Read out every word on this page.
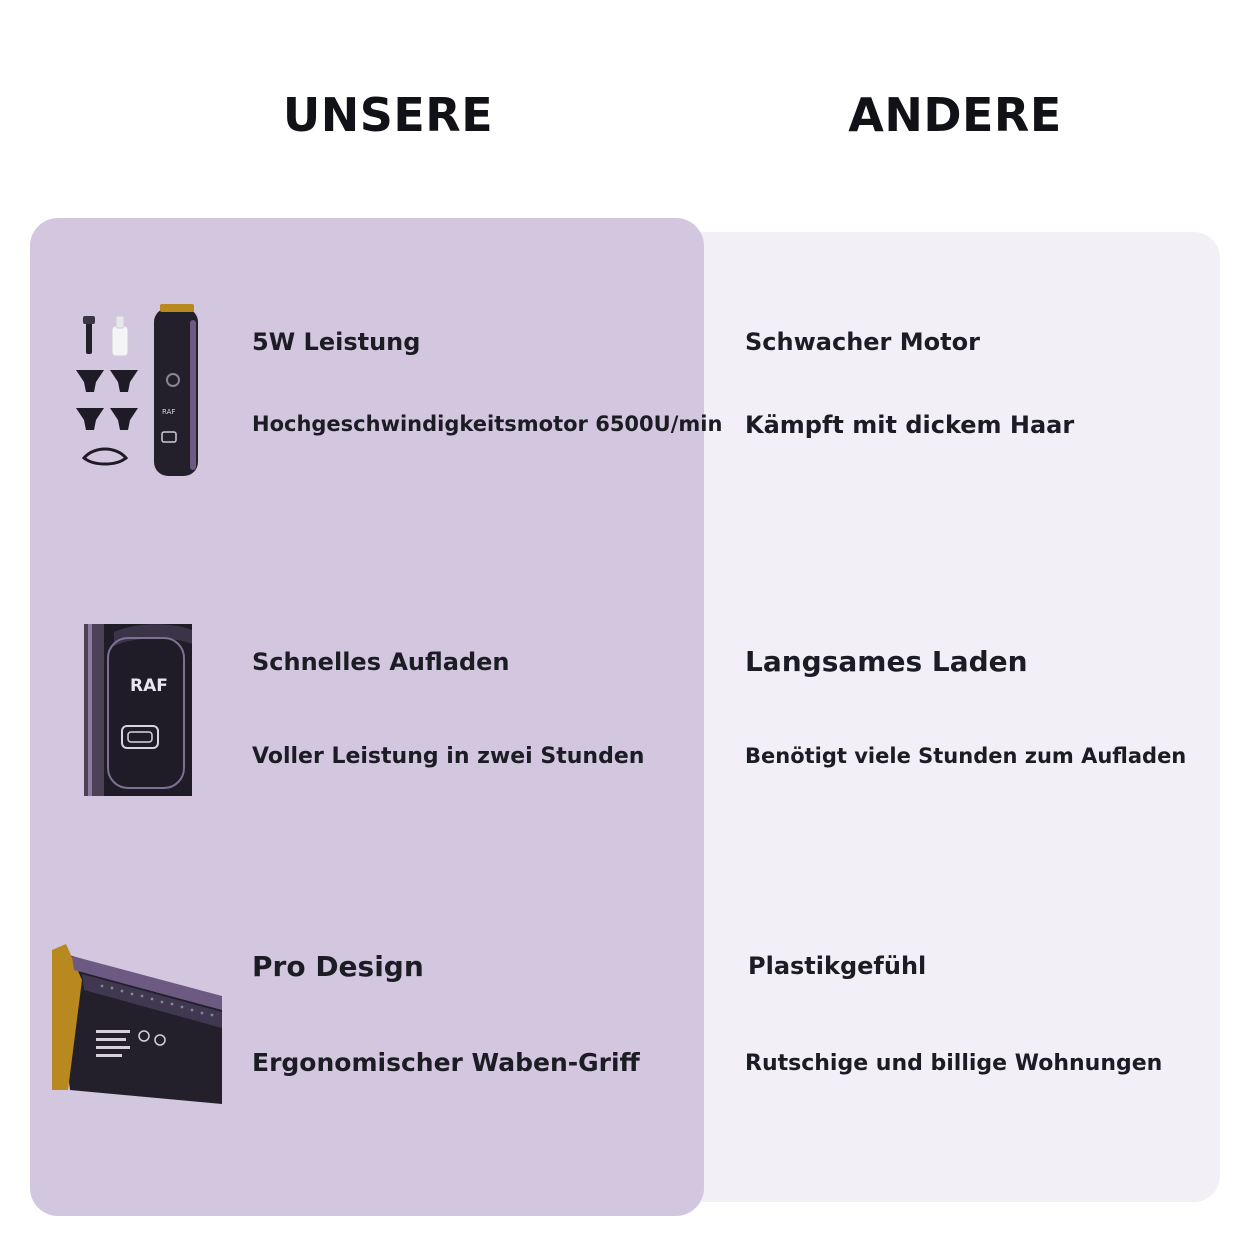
UNSERE	ANDERE
RAF
5W Leistung
Hochgeschwindigkeitsmotor 6500U/min
RAF
Schnelles Aufladen
Voller Leistung in zwei Stunden
Pro Design
Ergonomischer Waben-Griff
Schwacher Motor
Kämpft mit dickem Haar
Langsames Laden
Benötigt viele Stunden zum Aufladen
Plastikgefühl
Rutschige und billige Wohnungen
